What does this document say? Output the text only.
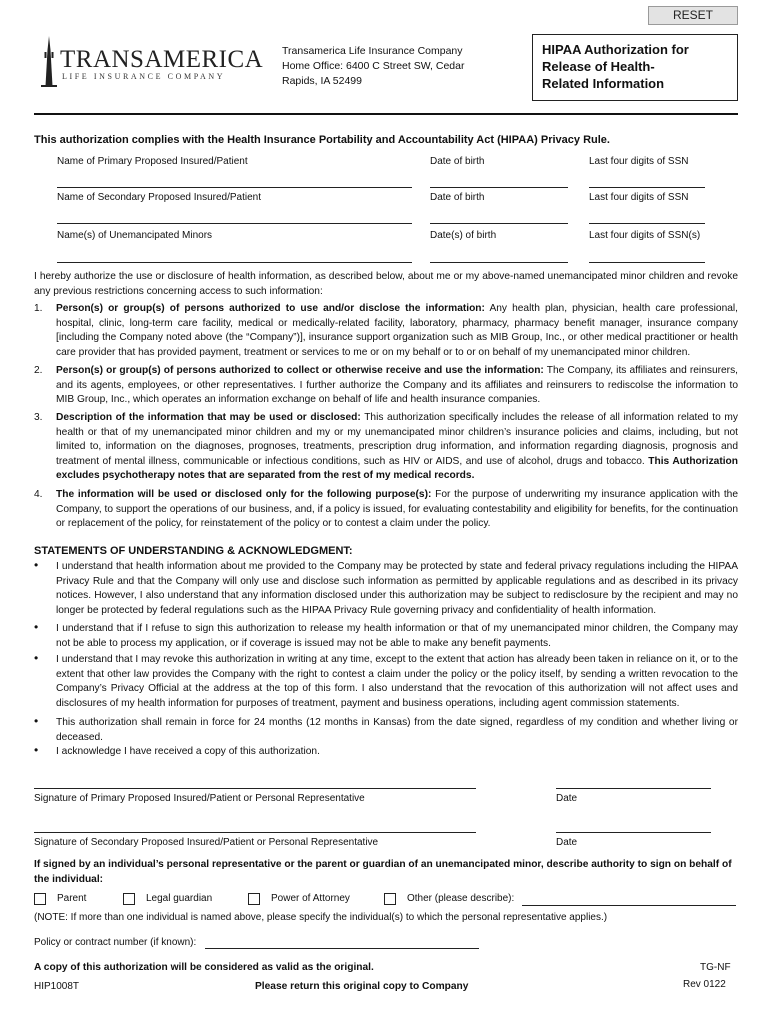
RESET
TRANSAMERICA
LIFE INSURANCE COMPANY
Transamerica Life Insurance Company
Home Office: 6400 C Street SW, Cedar
Rapids, IA 52499
HIPAA Authorization for
Release of Health-
Related Information
This authorization complies with the Health Insurance Portability and Accountability Act (HIPAA) Privacy Rule.
Name of Primary Proposed Insured/Patient	Date of birth	Last four digits of SSN
Name of Secondary Proposed Insured/Patient	Date of birth	Last four digits of SSN
Name(s) of Unemancipated Minors	Date(s) of birth	Last four digits of SSN(s)
I hereby authorize the use or disclosure of health information, as described below, about me or my above-named unemancipated minor children and revoke any previous restrictions concerning access to such information:
1.	Person(s) or group(s) of persons authorized to use and/or disclose the information: Any health plan, physician, health care professional, hospital, clinic, long-term care facility, medical or medically-related facility, laboratory, pharmacy, pharmacy benefit manager, insurance company [including the Company noted above (the “Company”)], insurance support organization such as MIB Group, Inc., or other medical practitioner or health care provider that has provided payment, treatment or services to me or on my behalf or to or on behalf of my unemancipated minor children.
2.	Person(s) or group(s) of persons authorized to collect or otherwise receive and use the information: The Company, its affiliates and reinsurers, and its agents, employees, or other representatives. I further authorize the Company and its affiliates and reinsurers to rediscolse the information to MIB Group, Inc., which operates an information exchange on behalf of life and health insurance companies.
3.	Description of the information that may be used or disclosed: This authorization specifically includes the release of all information related to my health or that of my unemancipated minor children and my or my unemancipated minor children’s insurance policies and claims, including, but not limited to, information on the diagnoses, prognoses, treatments, prescription drug information, and information regarding diagnosis, prognosis and treatment of mental illness, communicable or infectious conditions, such as HIV or AIDS, and use of alcohol, drugs and tobacco. This Authorization excludes psychotherapy notes that are separated from the rest of my medical records.
4.	The information will be used or disclosed only for the following purpose(s): For the purpose of underwriting my insurance application with the Company, to support the operations of our business, and, if a policy is issued, for evaluating contestability and eligibility for benefits, for the continuation or replacement of the policy, for reinstatement of the policy or to contest a claim under the policy.
STATEMENTS OF UNDERSTANDING & ACKNOWLEDGMENT:
• I understand that health information about me provided to the Company may be protected by state and federal privacy regulations including the HIPAA Privacy Rule and that the Company will only use and disclose such information as permitted by applicable regulations and as described in its privacy notices. However, I also understand that any information disclosed under this authorization may be subject to redisclosure by the recipient and may no longer be protected by federal regulations such as the HIPAA Privacy Rule governing privacy and confidentiality of health information.
• I understand that if I refuse to sign this authorization to release my health information or that of my unemancipated minor children, the Company may not be able to process my application, or if coverage is issued may not be able to make any benefit payments.
• I understand that I may revoke this authorization in writing at any time, except to the extent that action has already been taken in reliance on it, or to the extent that other law provides the Company with the right to contest a claim under the policy or the policy itself, by sending a written revocation to the Company’s Privacy Official at the address at the top of this form. I also understand that the revocation of this authorization will not affect uses and disclosures of my health information for purposes of treatment, payment and business operations, including agent commission statements.
• This authorization shall remain in force for 24 months (12 months in Kansas) from the date signed, regardless of my condition and whether living or deceased.
• I acknowledge I have received a copy of this authorization.
Signature of Primary Proposed Insured/Patient or Personal Representative	Date
Signature of Secondary Proposed Insured/Patient or Personal Representative	Date
If signed by an individual’s personal representative or the parent or guardian of an unemancipated minor, describe authority to sign on behalf of the individual:
Parent	Legal guardian	Power of Attorney	Other (please describe):
(NOTE: If more than one individual is named above, please specify the individual(s) to which the personal representative applies.)
Policy or contract number (if known):
A copy of this authorization will be considered as valid as the original.
HIP1008T	Please return this original copy to Company
TG-NF
Rev 0122
